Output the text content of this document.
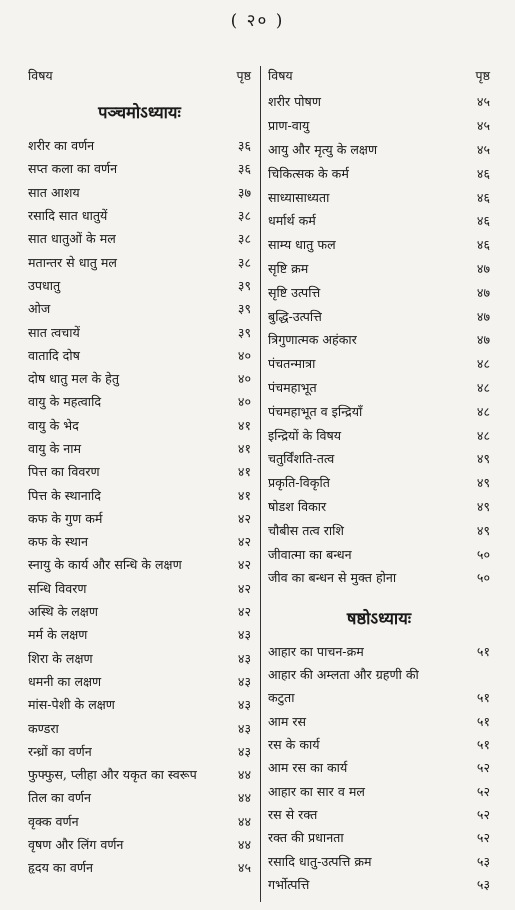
( २० )
विषय	पृष्ठ
पञ्चमोऽध्यायः
शरीर का वर्णन	३६
सप्त कला का वर्णन	३६
सात आशय	३७
रसादि सात धातुयें	३८
सात धातुओं के मल	३८
मतान्तर से धातु मल	३८
उपधातु	३९
ओज	३९
सात त्वचायें	३९
वातादि दोष	४०
दोष धातु मल के हेतु	४०
वायु के महत्वादि	४०
वायु के भेद	४१
वायु के नाम	४१
पित्त का विवरण	४१
पित्त के स्थानादि	४१
कफ के गुण कर्म	४२
कफ के स्थान	४२
स्नायु के कार्य और सन्धि के लक्षण	४२
सन्धि विवरण	४२
अस्थि के लक्षण	४२
मर्म के लक्षण	४३
शिरा के लक्षण	४३
धमनी का लक्षण	४३
मांस-पेशी के लक्षण	४३
कण्डरा	४३
रन्ध्रों का वर्णन	४३
फुफ्फुस, प्लीहा और यकृत का स्वरूप	४४
तिल का वर्णन	४४
वृक्क वर्णन	४४
वृषण और लिंग वर्णन	४४
हृदय का वर्णन	४५
विषय	पृष्ठ
शरीर पोषण	४५
प्राण-वायु	४५
आयु और मृत्यु के लक्षण	४५
चिकित्सक के कर्म	४६
साध्यासाध्यता	४६
धर्मार्थ कर्म	४६
साम्य धातु फल	४६
सृष्टि क्रम	४७
सृष्टि उत्पत्ति	४७
बुद्धि-उत्पत्ति	४७
त्रिगुणात्मक अहंकार	४७
पंचतन्मात्रा	४८
पंचमहाभूत	४८
पंचमहाभूत व इन्द्रियाँ	४८
इन्द्रियों के विषय	४८
चतुर्विंशति-तत्व	४९
प्रकृति-विकृति	४९
षोडश विकार	४९
चौबीस तत्व राशि	४९
जीवात्मा का बन्धन	५०
जीव का बन्धन से मुक्त होना	५०
षष्ठोऽध्यायः
आहार का पाचन-क्रम	५१
आहार की अम्लता और ग्रहणी की
कटुता	५१
आम रस	५१
रस के कार्य	५१
आम रस का कार्य	५२
आहार का सार व मल	५२
रस से रक्त	५२
रक्त की प्रधानता	५२
रसादि धातु-उत्पत्ति क्रम	५३
गर्भोत्पत्ति	५३
